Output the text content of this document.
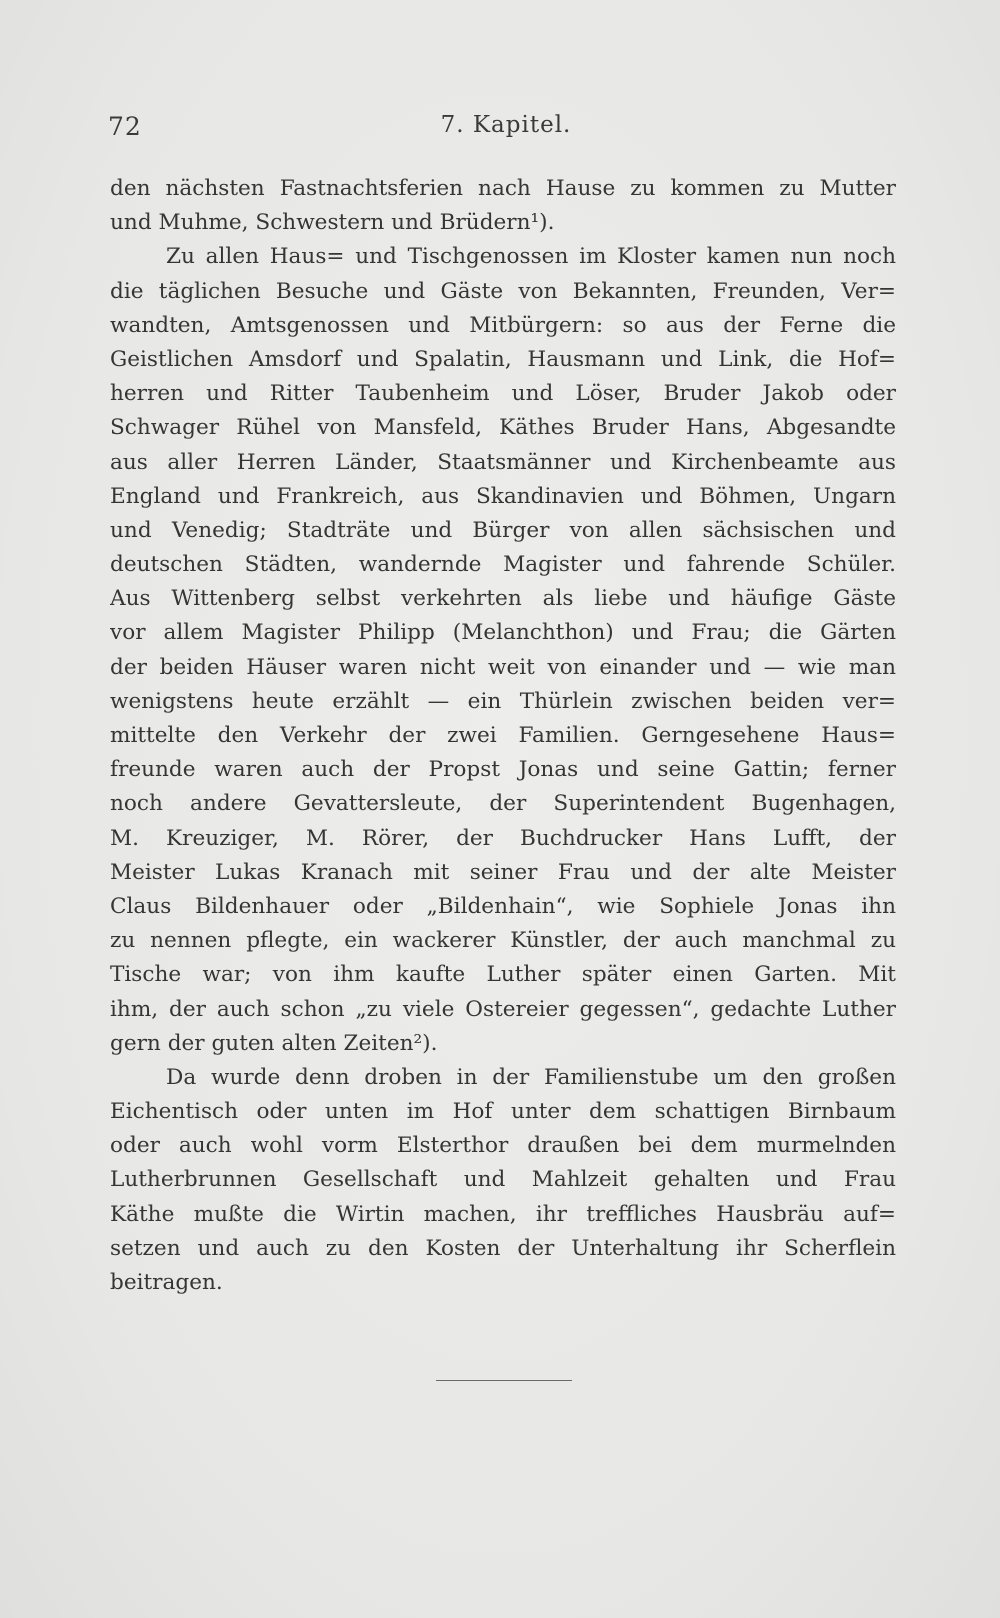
72	7. Kapitel.
den nächsten Fastnachtsferien nach Hause zu kommen zu Mutter
und Muhme, Schwestern und Brüdern¹).
Zu allen Haus= und Tischgenossen im Kloster kamen nun noch
die täglichen Besuche und Gäste von Bekannten, Freunden, Ver=
wandten, Amtsgenossen und Mitbürgern: so aus der Ferne die
Geistlichen Amsdorf und Spalatin, Hausmann und Link, die Hof=
herren und Ritter Taubenheim und Löser, Bruder Jakob oder
Schwager Rühel von Mansfeld, Käthes Bruder Hans, Abgesandte
aus aller Herren Länder, Staatsmänner und Kirchenbeamte aus
England und Frankreich, aus Skandinavien und Böhmen, Ungarn
und Venedig; Stadträte und Bürger von allen sächsischen und
deutschen Städten, wandernde Magister und fahrende Schüler.
Aus Wittenberg selbst verkehrten als liebe und häufige Gäste
vor allem Magister Philipp (Melanchthon) und Frau; die Gärten
der beiden Häuser waren nicht weit von einander und — wie man
wenigstens heute erzählt — ein Thürlein zwischen beiden ver=
mittelte den Verkehr der zwei Familien. Gerngesehene Haus=
freunde waren auch der Propst Jonas und seine Gattin; ferner
noch andere Gevattersleute, der Superintendent Bugenhagen,
M. Kreuziger, M. Rörer, der Buchdrucker Hans Lufft, der
Meister Lukas Kranach mit seiner Frau und der alte Meister
Claus Bildenhauer oder „Bildenhain“, wie Sophiele Jonas ihn
zu nennen pflegte, ein wackerer Künstler, der auch manchmal zu
Tische war; von ihm kaufte Luther später einen Garten. Mit
ihm, der auch schon „zu viele Ostereier gegessen“, gedachte Luther
gern der guten alten Zeiten²).
Da wurde denn droben in der Familienstube um den großen
Eichentisch oder unten im Hof unter dem schattigen Birnbaum
oder auch wohl vorm Elsterthor draußen bei dem murmelnden
Lutherbrunnen Gesellschaft und Mahlzeit gehalten und Frau
Käthe mußte die Wirtin machen, ihr treffliches Hausbräu auf=
setzen und auch zu den Kosten der Unterhaltung ihr Scherflein
beitragen.
